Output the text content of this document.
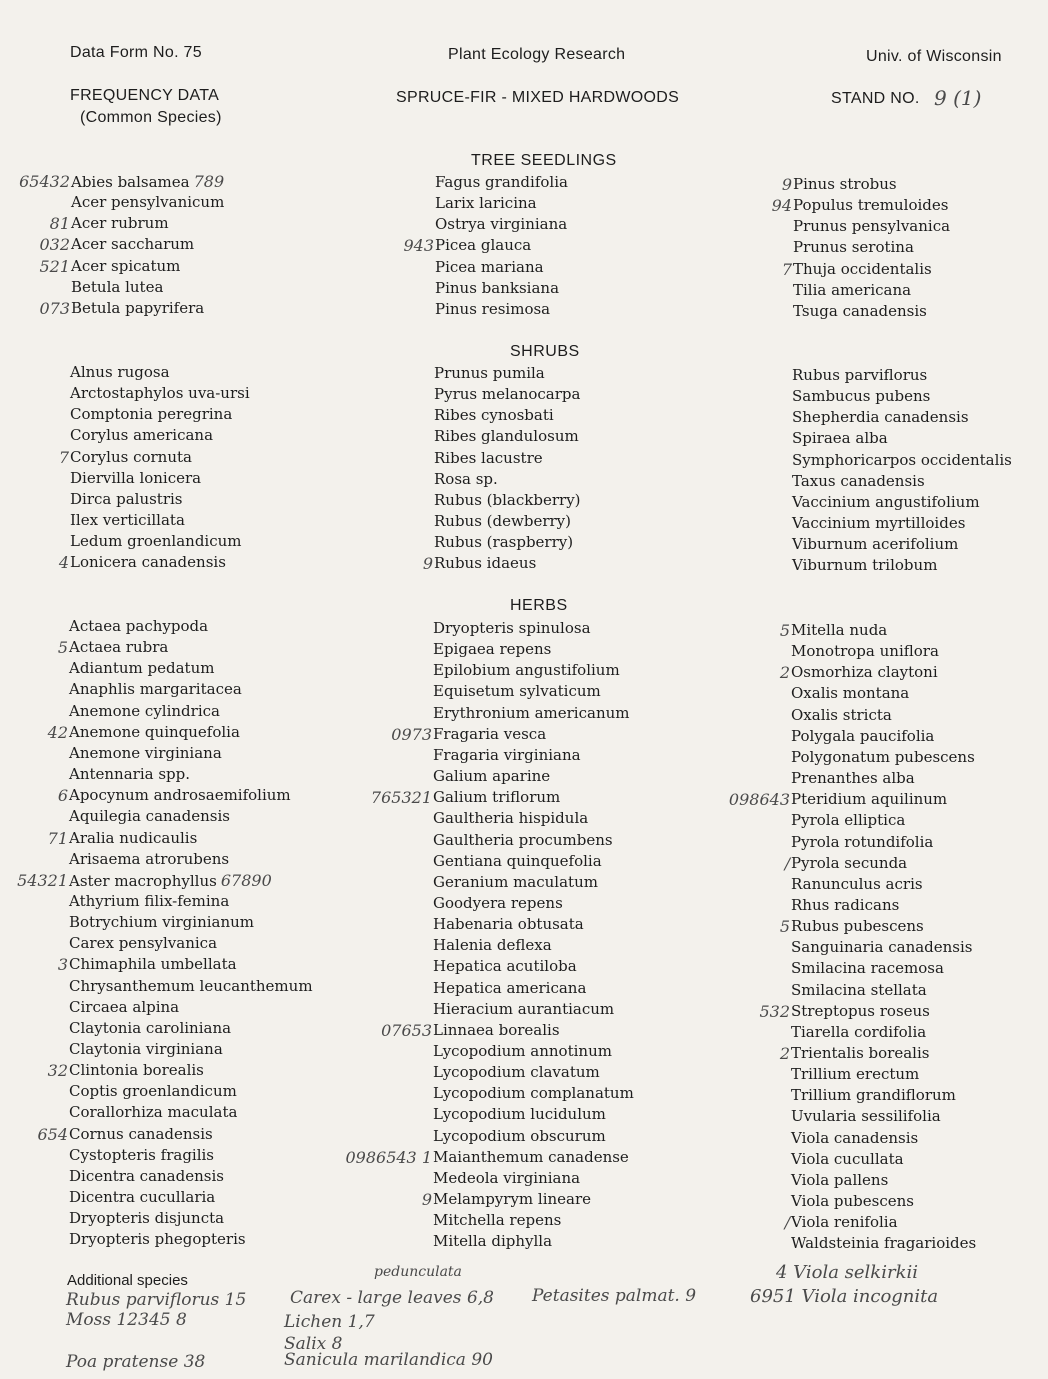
Data Form No. 75	Plant Ecology Research	Univ. of Wisconsin
FREQUENCY DATA
(Common Species)
SPRUCE-FIR - MIXED HARDWOODS	STAND NO. 9 (1)
TREE SEEDLINGS
SHRUBS
HERBS
65432 Abies balsamea 789
Acer pensylvanicum
81 Acer rubrum
032 Acer saccharum
521 Acer spicatum
Betula lutea
073 Betula papyrifera
Fagus grandifolia
Larix laricina
Ostrya virginiana
943 Picea glauca
Picea mariana
Pinus banksiana
Pinus resimosa
9 Pinus strobus
94 Populus tremuloides
Prunus pensylvanica
Prunus serotina
7 Thuja occidentalis
Tilia americana
Tsuga canadensis
Alnus rugosa
Arctostaphylos uva-ursi
Comptonia peregrina
Corylus americana
7 Corylus cornuta
Diervilla lonicera
Dirca palustris
Ilex verticillata
Ledum groenlandicum
4 Lonicera canadensis
Prunus pumila
Pyrus melanocarpa
Ribes cynosbati
Ribes glandulosum
Ribes lacustre
Rosa sp.
Rubus (blackberry)
Rubus (dewberry)
Rubus (raspberry)
9 Rubus idaeus
Rubus parviflorus
Sambucus pubens
Shepherdia canadensis
Spiraea alba
Symphoricarpos occidentalis
Taxus canadensis
Vaccinium angustifolium
Vaccinium myrtilloides
Viburnum acerifolium
Viburnum trilobum
Actaea pachypoda
5 Actaea rubra
Adiantum pedatum
Anaphlis margaritacea
Anemone cylindrica
42 Anemone quinquefolia
Anemone virginiana
Antennaria spp.
6 Apocynum androsaemifolium
Aquilegia canadensis
71 Aralia nudicaulis
Arisaema atrorubens
54321 Aster macrophyllus 67890
Athyrium filix-femina
Botrychium virginianum
Carex pensylvanica
3 Chimaphila umbellata
Chrysanthemum leucanthemum
Circaea alpina
Claytonia caroliniana
Claytonia virginiana
32 Clintonia borealis
Coptis groenlandicum
Corallorhiza maculata
654 Cornus canadensis
Cystopteris fragilis
Dicentra canadensis
Dicentra cucullaria
Dryopteris disjuncta
Dryopteris phegopteris
Dryopteris spinulosa
Epigaea repens
Epilobium angustifolium
Equisetum sylvaticum
Erythronium americanum
0973 Fragaria vesca
Fragaria virginiana
Galium aparine
765321 Galium triflorum
Gaultheria hispidula
Gaultheria procumbens
Gentiana quinquefolia
Geranium maculatum
Goodyera repens
Habenaria obtusata
Halenia deflexa
Hepatica acutiloba
Hepatica americana
Hieracium aurantiacum
07653 Linnaea borealis
Lycopodium annotinum
Lycopodium clavatum
Lycopodium complanatum
Lycopodium lucidulum
Lycopodium obscurum
0986543 1 Maianthemum canadense
Medeola virginiana
9 Melampyrym lineare
Mitchella repens
Mitella diphylla
5 Mitella nuda
Monotropa uniflora
2 Osmorhiza claytoni
Oxalis montana
Oxalis stricta
Polygala paucifolia
Polygonatum pubescens
Prenanthes alba
098643 Pteridium aquilinum
Pyrola elliptica
Pyrola rotundifolia
/ Pyrola secunda
Ranunculus acris
Rhus radicans
5 Rubus pubescens
Sanguinaria canadensis
Smilacina racemosa
Smilacina stellata
532 Streptopus roseus
Tiarella cordifolia
2 Trientalis borealis
Trillium erectum
Trillium grandiflorum
Uvularia sessilifolia
Viola canadensis
Viola cucullata
Viola pallens
Viola pubescens
/ Viola renifolia
Waldsteinia fragarioides
Additional species
Rubus parviflorus 15
Moss 12345 8
Poa pratense 38
pedunculata
Carex - large leaves 6,8
Lichen 1,7
Salix 8
Sanicula marilandica 90
Petasites palmat. 9
4 Viola selkirkii
6951 Viola incognita
